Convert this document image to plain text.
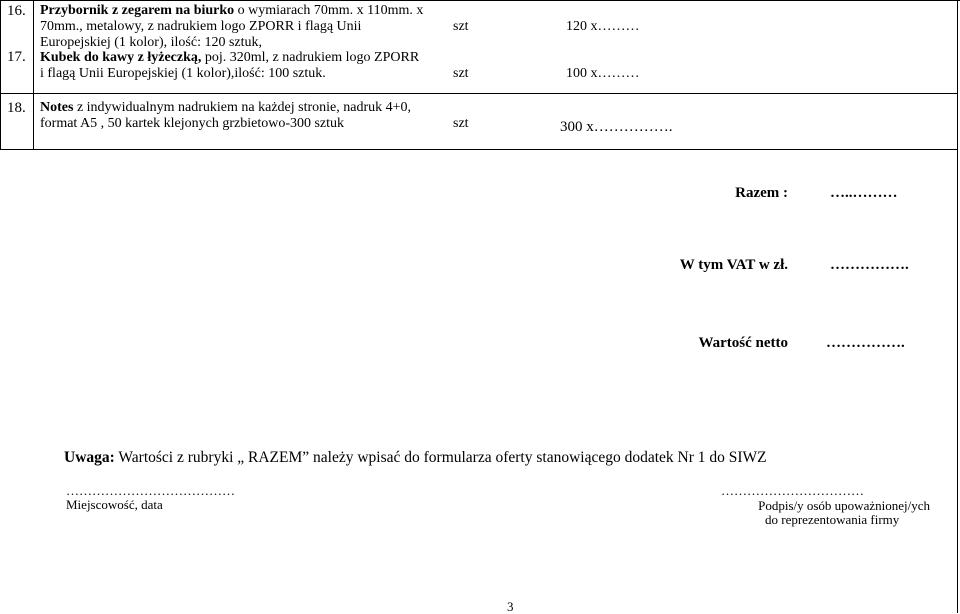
16. Przybornik z zegarem na biurko o wymiarach 70mm. x 110mm. x
70mm., metalowy, z nadrukiem logo ZPORR i flagą Unii
Europejskiej (1 kolor), ilość: 120 sztuk,
szt	120 x………
17. Kubek do kawy z łyżeczką, poj. 320ml, z nadrukiem logo ZPORR
i flagą Unii Europejskiej (1 kolor),ilość: 100 sztuk.	szt	100 x………
18. Notes z indywidualnym nadrukiem na każdej stronie, nadruk 4+0,
format A5 , 50 kartek klejonych grzbietowo-300 sztuk	szt	300 x…………….
Razem :	…..………
W tym VAT w zł.	…………….
Wartość netto	…………….
Uwaga: Wartości z rubryki „ RAZEM” należy wpisać do formularza oferty stanowiącego dodatek Nr 1 do SIWZ
…………………………………
Miejscowość, data
……………………………
Podpis/y osób upoważnionej/ych
do reprezentowania firmy
3
